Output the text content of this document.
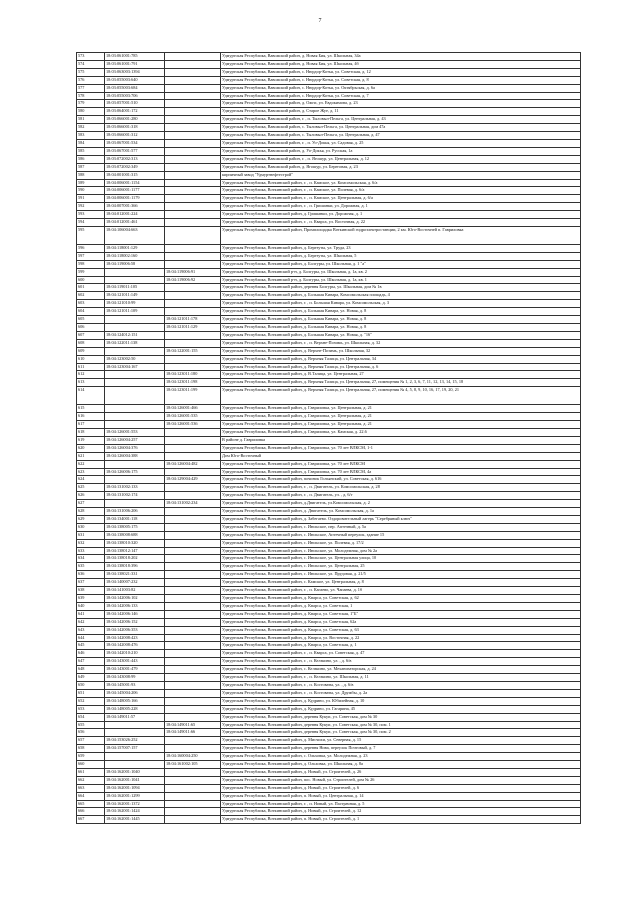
7
573	18:03:061001:785		Удмуртская Республика, Вавожский район, д. Новая Бия, ул. Школьная, 34а
574	18:03:061001:791		Удмуртская Республика, Вавожский район, д. Новая Бия, ул. Школьная, 4б
575	18:03:063003:1394		Удмуртская Республика, Вавожский район, с. Нюрдор-Котья, ул. Советская, д. 12
576	18:03:055003:640		Удмуртская Республика, Вавожский район, с. Нюрдор-Котья, ул. Советская, д. 8
577	18:03:055003:684		Удмуртская Республика, Вавожский район, с. Нюрдор-Котья, ул. Октябрьская, д. 6а
578	18:03:055003:706		Удмуртская Республика, Вавожский район, с. Нюрдор-Котья, ул. Советская, д. 7
579	18:03:057001:510		Удмуртская Республика, Вавожский район, д. Ожги, ул. Евдокимова, д. 23
580	18:03:064001:172		Удмуртская Республика, Вавожский район, д. Старое Жуе, д. 11
581	18:03:066001:280		Удмуртская Республика, Вавожский район, г. , п. Тыловыл-Пельга, ул. Центральная, д. 43
582	18:03:066001:318		Удмуртская Республика, Вавожский район, с. Тыловыл-Пельга, ул. Центральная, дом 47а
583	18:03:066001:312		Удмуртская Республика, Вавожский район, с. Тыловыл-Пельга, ул. Центральная, д. 47
584	18:03:067001:534		Удмуртская Республика, Вавожский район, г. , п. Уо-Докья, ул. Садовая, д. 25
585	18:03:067001:577		Удмуртская Республика, Вавожский район, д. Уо-Докья, ул. Русская, 1а
586	18:03:072002:313		Удмуртская Республика, Вавожский район, г. , п. Ягошур, ул. Центральная, д. 12
587	18:03:072002:349		Удмуртская Республика, Вавожский район, д. Ягошур, ул. Береговая, д. 23
588	18:04:001001:315		кирпичный завод "Удмуртнефтестрой"
589	18:04:006001:1154		Удмуртская Республика, Воткинский район, г. , п. Камское, ул. Комсомольская, д. 6/а
590	18:04:006001:1177		Удмуртская Республика, Воткинский район, г. , п. Камское, ул. Полевая, д. 6/а
591	18:04:006001:1179		Удмуртская Республика, Воткинский район, г. , п. Камское, ул. Центральная, д. 6/а
592	18:04:007001:366		Удмуртская Республика, Воткинский район, г. , п. Гришанки, ул. Дорожная, д. 1
593	18:04:012001:224		Удмуртская Республика, Воткинский район, д. Гришанки, ул. Дорожная, д. 1
594	18:04:012001:461		Удмуртская Республика, Воткинский район, г. , п. Кварса, ул. Восточная, д. 22
595	18:04:106004:663		Удмуртская Республика, Воткинский район, Промплощадка Воткинской гидроэлектростанции, 2 км. Юго-Восточней п. Гавриловка
596	18:04:118001:129		Удмуртская Республика, Воткинский район, д. Березуты, ул. Труда, 23
597	18:04:118002:160		Удмуртская Республика, Воткинский район, д. Березуты, ул. Школьная, 5
598	18:04:119006:58		Удмуртская Республика, Воткинский район, д. Болгуры, ул. Школьная, д. 1 "а"
599		18:04:119006:91	Удмуртская Республика, Воткинский р-н, д. Болгуры, ул. Школьная, д. 1а, кв. 2
600		18:04:119006:92	Удмуртская Республика, Воткинский р-н, д. Болгуры, ул. Школьная, д. 1а, кв. 1
601	18:04:119011:105		Удмуртская Республика, Воткинский район, деревня Болгуры, ул. Школьная, дом № 1в
602	18:04:121011:149		Удмуртская Республика, Воткинский район, д. Большая Кивара, Комсомольская площадь, 4
603	18:04:121010:99		Удмуртская Республика, Воткинский район, г. , п. Большая Кивара, ул. Комсомольская, д. 3
604	18:04:121011:109		Удмуртская Республика, Воткинский район, д. Большая Кивара, ул. Новая, д. 8
605		18:04:121011:178	Удмуртская Республика, Воткинский район, д. Большая Кивара, ул. Новая, д. 8
606		18:04:121011:129	Удмуртская Республика, Воткинский район, д. Большая Кивара, ул. Новая, д. 8
607	18:04:124012:151		Удмуртская Республика, Воткинский район, д. Большая Кивара, ул. Новая, д. "16"
608	18:04:122011:138		Удмуртская Республика, Воткинский район, г. , п. Верхне-Позимь, ул. Школьная, д. 32
609		18:04:122001:155	Удмуртская Республика, Воткинский район, д. Верхне-Позимь, ул. Школьная, 32
610	18:04:123002:50		Удмуртская Республика, Воткинский район, д. Верхняя Талица, ул. Центральная, 34
611	18:04:123004:167		Удмуртская Республика, Воткинский район, д. Верхняя Талица, ул. Центральная, д. 6
612		18:04:123011:180	Удмуртская Республика, Воткинский район, д. В.Талица, ул. Центральная, 27
613		18:04:123011:198	Удмуртская Республика, Воткинский район, д. Верхняя Талица, ул. Центральная, 27, помещения № 1, 2, 3, 6, 7, 11, 12, 13, 14, 15, 18
614		18:04:123011:199	Удмуртская Республика, Воткинский район, д. Верхняя Талица, ул. Центральная, 27, помещения № 4, 5, 8, 9, 10, 16, 17, 19, 20, 21
615		18:04:126001:466	Удмуртская Республика, Воткинский район, д. Гавриловка, ул. Центральная, д. 21
616		18:04:126001:535	Удмуртская Республика, Воткинский район, д. Гавриловка, ул. Центральная, д. 21
617		18:04:126001:536	Удмуртская Республика, Воткинский район, д. Гавриловка, ул. Центральная, д. 21
618	18:04:126001:553		Удмуртская Республика, Воткинский район, д. Гавриловка, ул. Камская, д. 22.6
619	18:04:126004:257		В районе д. Гавриловка
620	18:04:126004:376		Удмуртская Республика, Воткинский район, д. Гавриловка, ул. 70 лет ВЛКСМ, 1-1
621	18:04:126004:388		Дом Юго-Восточный
622		18:04:126004:482	Удмуртская Республика, Воткинский район, д. Гавриловка, ул. 70 лет ВЛКСМ
623	18:04:126006:175		Удмуртская Республика, Воткинский район, д. Гавриловка, ул. 70 лет ВЛКСМ, 4а
624		18:04:129004:429	Удмуртская Республика, Воткинский район, починок Гольянский, ул. Советская, д. 616
625	18:04:131002:133		Удмуртская Республика, Воткинский район, г. , п. Двигатель, ул. Комсомольская, д. 28
626	18:04:131002:174		Удмуртская Республика, Воткинский район, г. , п. Двигатель, ул. , д. 6/г
627		18:04:131002:234	Удмуртская Республика, Воткинский район, д.Двигатель, ул.Комсомольская, д. 2
628	18:04:131006:206		Удмуртская Республика, Воткинский район, д. Двигатель, ул. Комсомольская, д. 1а
629	18:04:134001:118		Удмуртская Республика, Воткинский район, д. Забегаево. Оздоровительный лагерь "Серебряный ключ"
630	18:04:138005:175		Удмуртская Республика, Воткинский район, с. Июльское, пер. Аптечный, д. 5а
631	18:04:138008:688		Удмуртская Республика, Воткинский район, с. Июльское, Аптечный переулок, здание 15
632	18:04:138010:320		Удмуртская Республика, Воткинский район, с. Июльское, ул. Полевая, д. 17/2
633	18:04:138012:147		Удмуртская Республика, Воткинский район, с. Июльское, ул. Молодежная, дом № 2а
634	18:04:138018:202		Удмуртская Республика, Воткинский район, с. Июльское, ул. Центральная улица, 10
635	18:04:138018:396		Удмуртская Республика, Воткинский район, с. Июльское, ул. Центральная, 25
636	18:04:138021:331		Удмуртская Республика, Воткинский район, с. Июльское, ул. Прудовая, д. 21/5
637	18:04:140007:232		Удмуртская Республика, Воткинский район, с. Камское, ул. Центральная, д. 8
638	18:04:141003:82		Удмуртская Республика, Воткинский район, г. , п. Кагаево, ул. Чапаева, д. 1б
639	18:04:142006:102		Удмуртская Республика, Воткинский район, д. Кварса, ул. Советская, д. 62
640	18:04:142006:133		Удмуртская Республика, Воткинский район, д. Кварса, ул. Советская, 1
641	18:04:142006:146		Удмуртская Республика, Воткинский район, д. Кварса, ул. Советская, 1"Б"
642	18:04:142006:152		Удмуртская Республика, Воткинский район, д. Кварса, ул. Советская, 62а
643	18:04:142006:353		Удмуртская Республика, Воткинский район, д. Кварса, ул. Советская, д. 63
644	18:04:142008:423		Удмуртская Республика, Воткинский район, д. Кварса, ул. Восточная, д. 22
645	18:04:142008:476		Удмуртская Республика, Воткинский район, д. Кварса, ул. Советская, д. 1
646	18:04:142010:210		Удмуртская Республика, Воткинский район, г. , п. Кварса, ул. Советская, д. 47
647	18:04:143001:443		Удмуртская Республика, Воткинский район, г. , п. Кельчино, ул. , д. 6/в
648	18:04:143001:479		Удмуртская Республика, Воткинский район, с. Кельчино, ул. Механизаторская, д. 24
649	18:04:143008:99		Удмуртская Республика, Воткинский район, г. , п. Кельчино, ул. Школьная, д. 11
650	18:04:145001:93		Удмуртская Республика, Воткинский район, г. , п. Костоваты, ул. , д. 6/в
651	18:04:145004:206		Удмуртская Республика, Воткинский район, г. , п. Костоваты, ул. Дружбы, д. 2а
652	18:04:148005:166		Удмуртская Республика, Воткинский район, д. Кудрино, ул. Юбилейная, д. 10
653	18:04:148005:228		Удмуртская Республика, Воткинский район, д. Кудрино, ул. Гагарина, 45
654	18:04:149011:57		Удмуртская Республика, Воткинский район, деревня Кукуи, ул. Советская, дом № 30
655		18:04:149011:65	Удмуртская Республика, Воткинский район, деревня Кукуи, ул. Советская, дом № 30, пом. 1
656		18:04:149011:66	Удмуртская Республика, Воткинский район, деревня Кукуи, ул. Советская, дом № 30, пом. 2
657	18:04:153026:252		Удмуртская Республика, Воткинский район, д. Мисчихи, ул. Северная, д. 15
658	18:04:157007:157		Удмуртская Республика, Воткинский район, деревня Нива, переулок Почтовый, д. 7
659		18:04:160004:250	Удмуртская Республика, Воткинский район, с. Ольховка, ул. Молодежная, д. 23
660		18:04:161002:105	Удмуртская Республика, Воткинский район, д. Ольховка, ул. Школьная, д. 8а
661	18:04:162001:1040		Удмуртская Республика, Воткинский район, д. Новый, ул. Строителей, д. 26
662	18:04:162001:1041		Удмуртская Республика, Воткинский район, пос. Новый, ул. Строителей, дом № 26
663	18:04:162001:1094		Удмуртская Республика, Воткинский район, д. Новый, ул. Строителей, д. 6
664	18:04:162001:1299		Удмуртская Республика, Воткинский район, п. Новый, ул. Центральная, д. 14
665	18:04:162001:1372		Удмуртская Республика, Воткинский район, г. , п. Новый, ул. Пастрачная, д. 5
666	18:04:162001:1424		Удмуртская Республика, Воткинский район, д. Новый, ул. Строителей, д. 12
667	18:04:162001:1445		Удмуртская Республика, Воткинский район, п. Новый, ул. Строителей, д. 1
